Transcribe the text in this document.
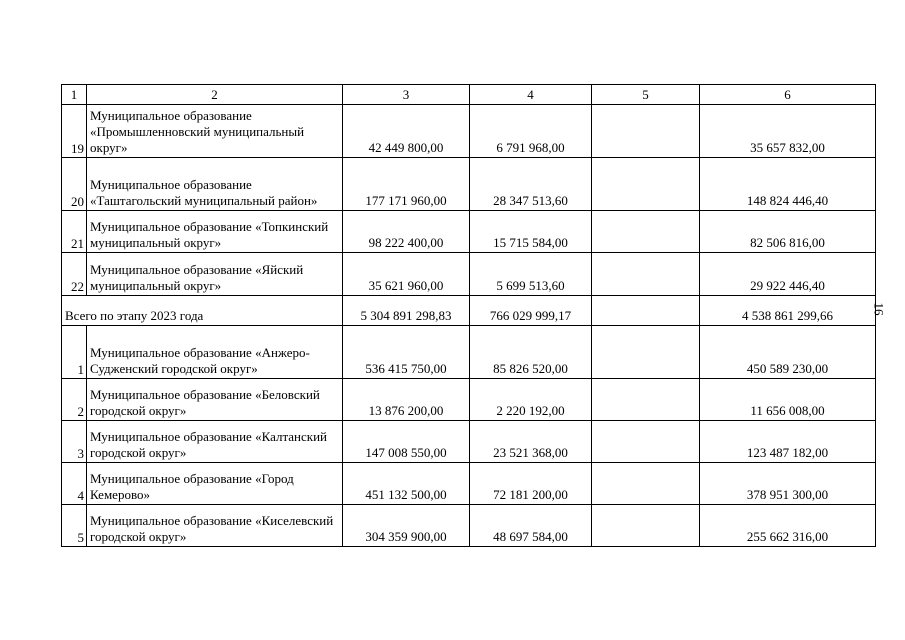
1	2	3	4	5	6
19	Муниципальное образование «Промышленновский муниципальный округ»	42 449 800,00	6 791 968,00		35 657 832,00
20	Муниципальное образование «Таштагольский муниципальный район»	177 171 960,00	28 347 513,60		148 824 446,40
21	Муниципальное образование «Топкинский муниципальный округ»	98 222 400,00	15 715 584,00		82 506 816,00
22	Муниципальное образование «Яйский муниципальный округ»	35 621 960,00	5 699 513,60		29 922 446,40
Всего по этапу 2023 года		5 304 891 298,83	766 029 999,17		4 538 861 299,66
1	Муниципальное образование «Анжеро-Судженский городской округ»	536 415 750,00	85 826 520,00		450 589 230,00
2	Муниципальное образование «Беловский городской округ»	13 876 200,00	2 220 192,00		11 656 008,00
3	Муниципальное образование «Калтанский городской округ»	147 008 550,00	23 521 368,00		123 487 182,00
4	Муниципальное образование «Город Кемерово»	451 132 500,00	72 181 200,00		378 951 300,00
5	Муниципальное образование «Киселевский городской округ»	304 359 900,00	48 697 584,00		255 662 316,00
16
